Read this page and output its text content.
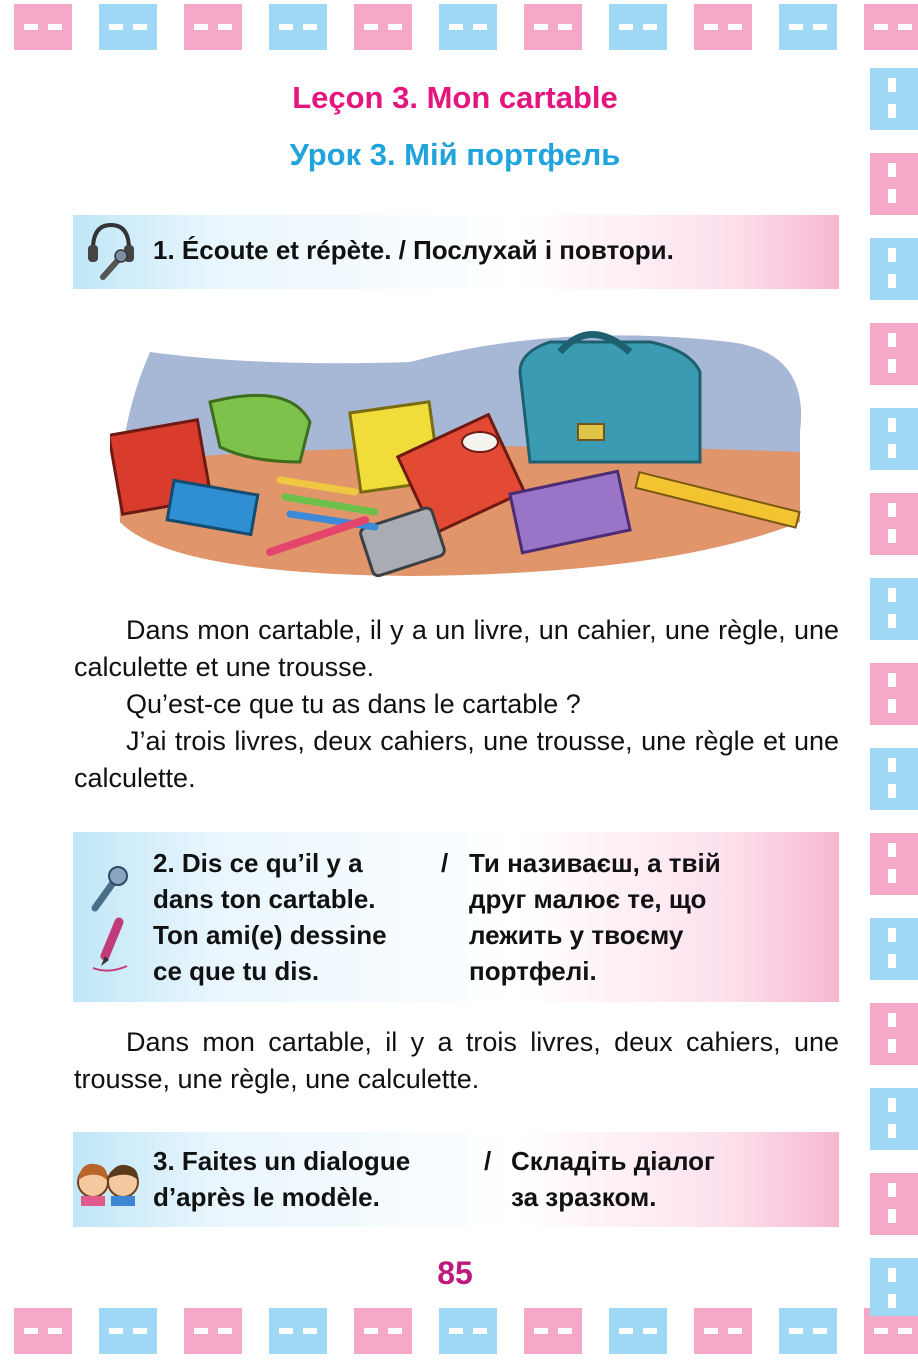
Leçon 3. Mon cartable
Урок 3. Мій портфель
1. Écoute et répète. / Послухай і повтори.

Dans mon cartable, il y a un livre, un cahier, une règle, une calculette et une trousse.

Qu’est-ce que tu as dans le cartable ?

J’ai trois livres, deux cahiers, une trousse, une règle et une calculette.

2. Dis ce qu’il y a
dans ton cartable.
Ton ami(e) dessine
ce que tu dis.
/ Ти називаєш, а твій
друг малює те, що
лежить у твоєму
портфелі.

Dans mon cartable, il y a trois livres, deux cahiers, une trousse, une règle, une calculette.

3. Faites un dialogue
d’après le modèle.
/ Складіть діалог
за зразком.
85
